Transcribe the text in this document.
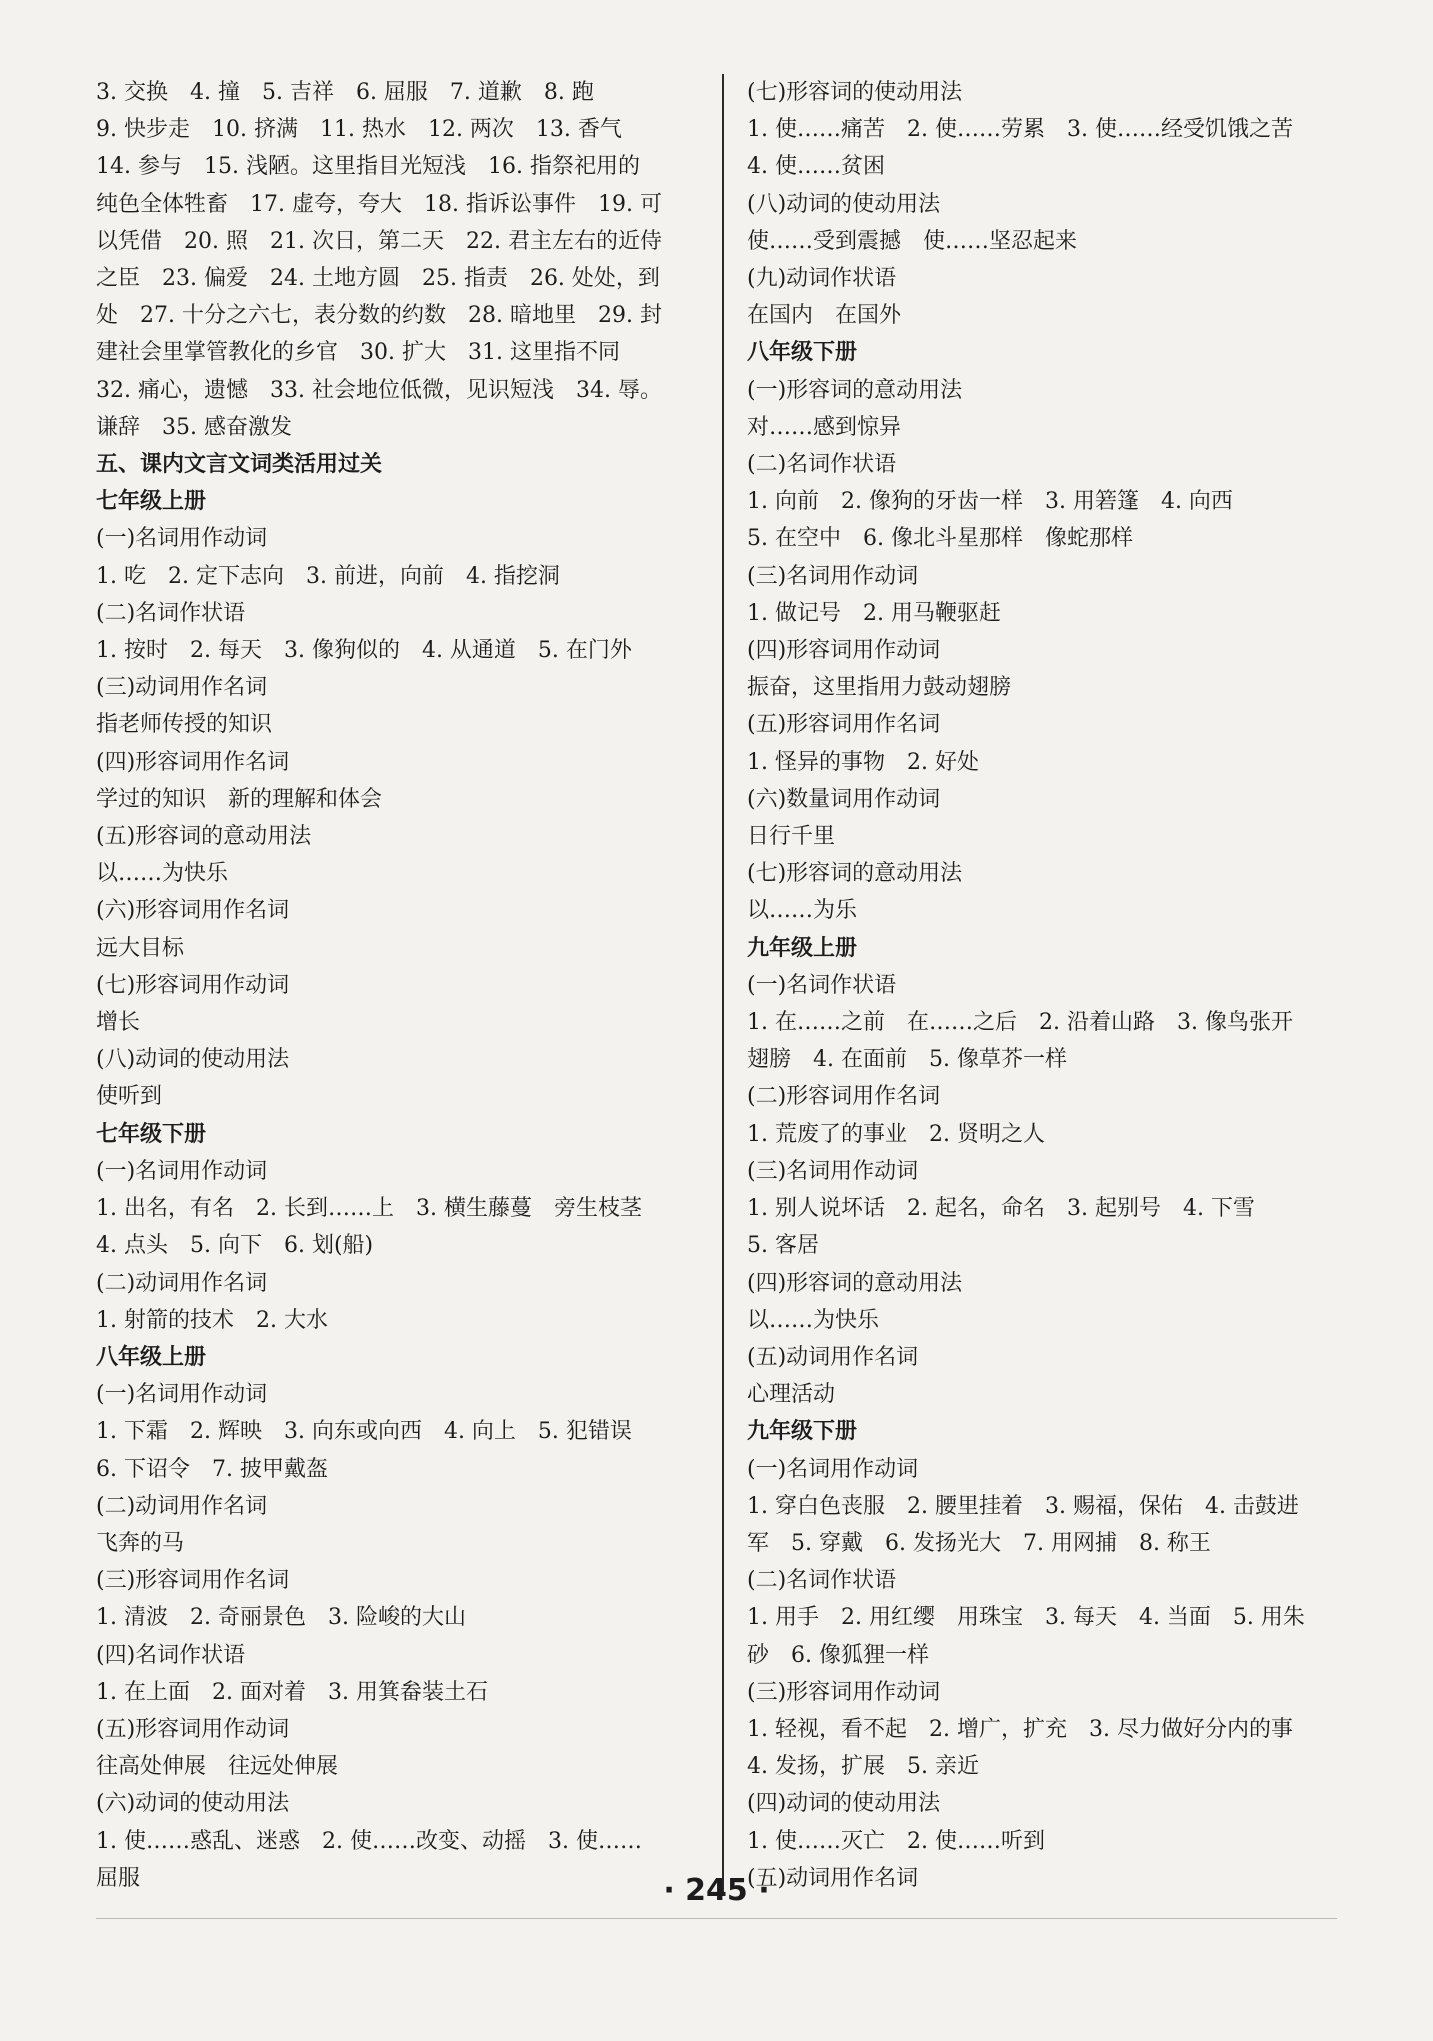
3. 交换　4. 撞　5. 吉祥　6. 屈服　7. 道歉　8. 跑
9. 快步走　10. 挤满　11. 热水　12. 两次　13. 香气
14. 参与　15. 浅陋。这里指目光短浅　16. 指祭祀用的
纯色全体牲畜　17. 虚夸，夸大　18. 指诉讼事件　19. 可
以凭借　20. 照　21. 次日，第二天　22. 君主左右的近侍
之臣　23. 偏爱　24. 土地方圆　25. 指责　26. 处处，到
处　27. 十分之六七，表分数的约数　28. 暗地里　29. 封
建社会里掌管教化的乡官　30. 扩大　31. 这里指不同
32. 痛心，遗憾　33. 社会地位低微，见识短浅　34. 辱。
谦辞　35. 感奋激发
五、课内文言文词类活用过关
七年级上册
(一)名词用作动词
1. 吃　2. 定下志向　3. 前进，向前　4. 指挖洞
(二)名词作状语
1. 按时　2. 每天　3. 像狗似的　4. 从通道　5. 在门外
(三)动词用作名词
指老师传授的知识
(四)形容词用作名词
学过的知识　新的理解和体会
(五)形容词的意动用法
以……为快乐
(六)形容词用作名词
远大目标
(七)形容词用作动词
增长
(八)动词的使动用法
使听到
七年级下册
(一)名词用作动词
1. 出名，有名　2. 长到……上　3. 横生藤蔓　旁生枝茎
4. 点头　5. 向下　6. 划(船)
(二)动词用作名词
1. 射箭的技术　2. 大水
八年级上册
(一)名词用作动词
1. 下霜　2. 辉映　3. 向东或向西　4. 向上　5. 犯错误
6. 下诏令　7. 披甲戴盔
(二)动词用作名词
飞奔的马
(三)形容词用作名词
1. 清波　2. 奇丽景色　3. 险峻的大山
(四)名词作状语
1. 在上面　2. 面对着　3. 用箕畚装土石
(五)形容词用作动词
往高处伸展　往远处伸展
(六)动词的使动用法
1. 使……惑乱、迷惑　2. 使……改变、动摇　3. 使……
屈服
(七)形容词的使动用法
1. 使……痛苦　2. 使……劳累　3. 使……经受饥饿之苦
4. 使……贫困
(八)动词的使动用法
使……受到震撼　使……坚忍起来
(九)动词作状语
在国内　在国外
八年级下册
(一)形容词的意动用法
对……感到惊异
(二)名词作状语
1. 向前　2. 像狗的牙齿一样　3. 用箬篷　4. 向西
5. 在空中　6. 像北斗星那样　像蛇那样
(三)名词用作动词
1. 做记号　2. 用马鞭驱赶
(四)形容词用作动词
振奋，这里指用力鼓动翅膀
(五)形容词用作名词
1. 怪异的事物　2. 好处
(六)数量词用作动词
日行千里
(七)形容词的意动用法
以……为乐
九年级上册
(一)名词作状语
1. 在……之前　在……之后　2. 沿着山路　3. 像鸟张开
翅膀　4. 在面前　5. 像草芥一样
(二)形容词用作名词
1. 荒废了的事业　2. 贤明之人
(三)名词用作动词
1. 别人说坏话　2. 起名，命名　3. 起别号　4. 下雪
5. 客居
(四)形容词的意动用法
以……为快乐
(五)动词用作名词
心理活动
九年级下册
(一)名词用作动词
1. 穿白色丧服　2. 腰里挂着　3. 赐福，保佑　4. 击鼓进
军　5. 穿戴　6. 发扬光大　7. 用网捕　8. 称王
(二)名词作状语
1. 用手　2. 用红缨　用珠宝　3. 每天　4. 当面　5. 用朱
砂　6. 像狐狸一样
(三)形容词用作动词
1. 轻视，看不起　2. 增广，扩充　3. 尽力做好分内的事
4. 发扬，扩展　5. 亲近
(四)动词的使动用法
1. 使……灭亡　2. 使……听到
(五)动词用作名词
· 245 ·
